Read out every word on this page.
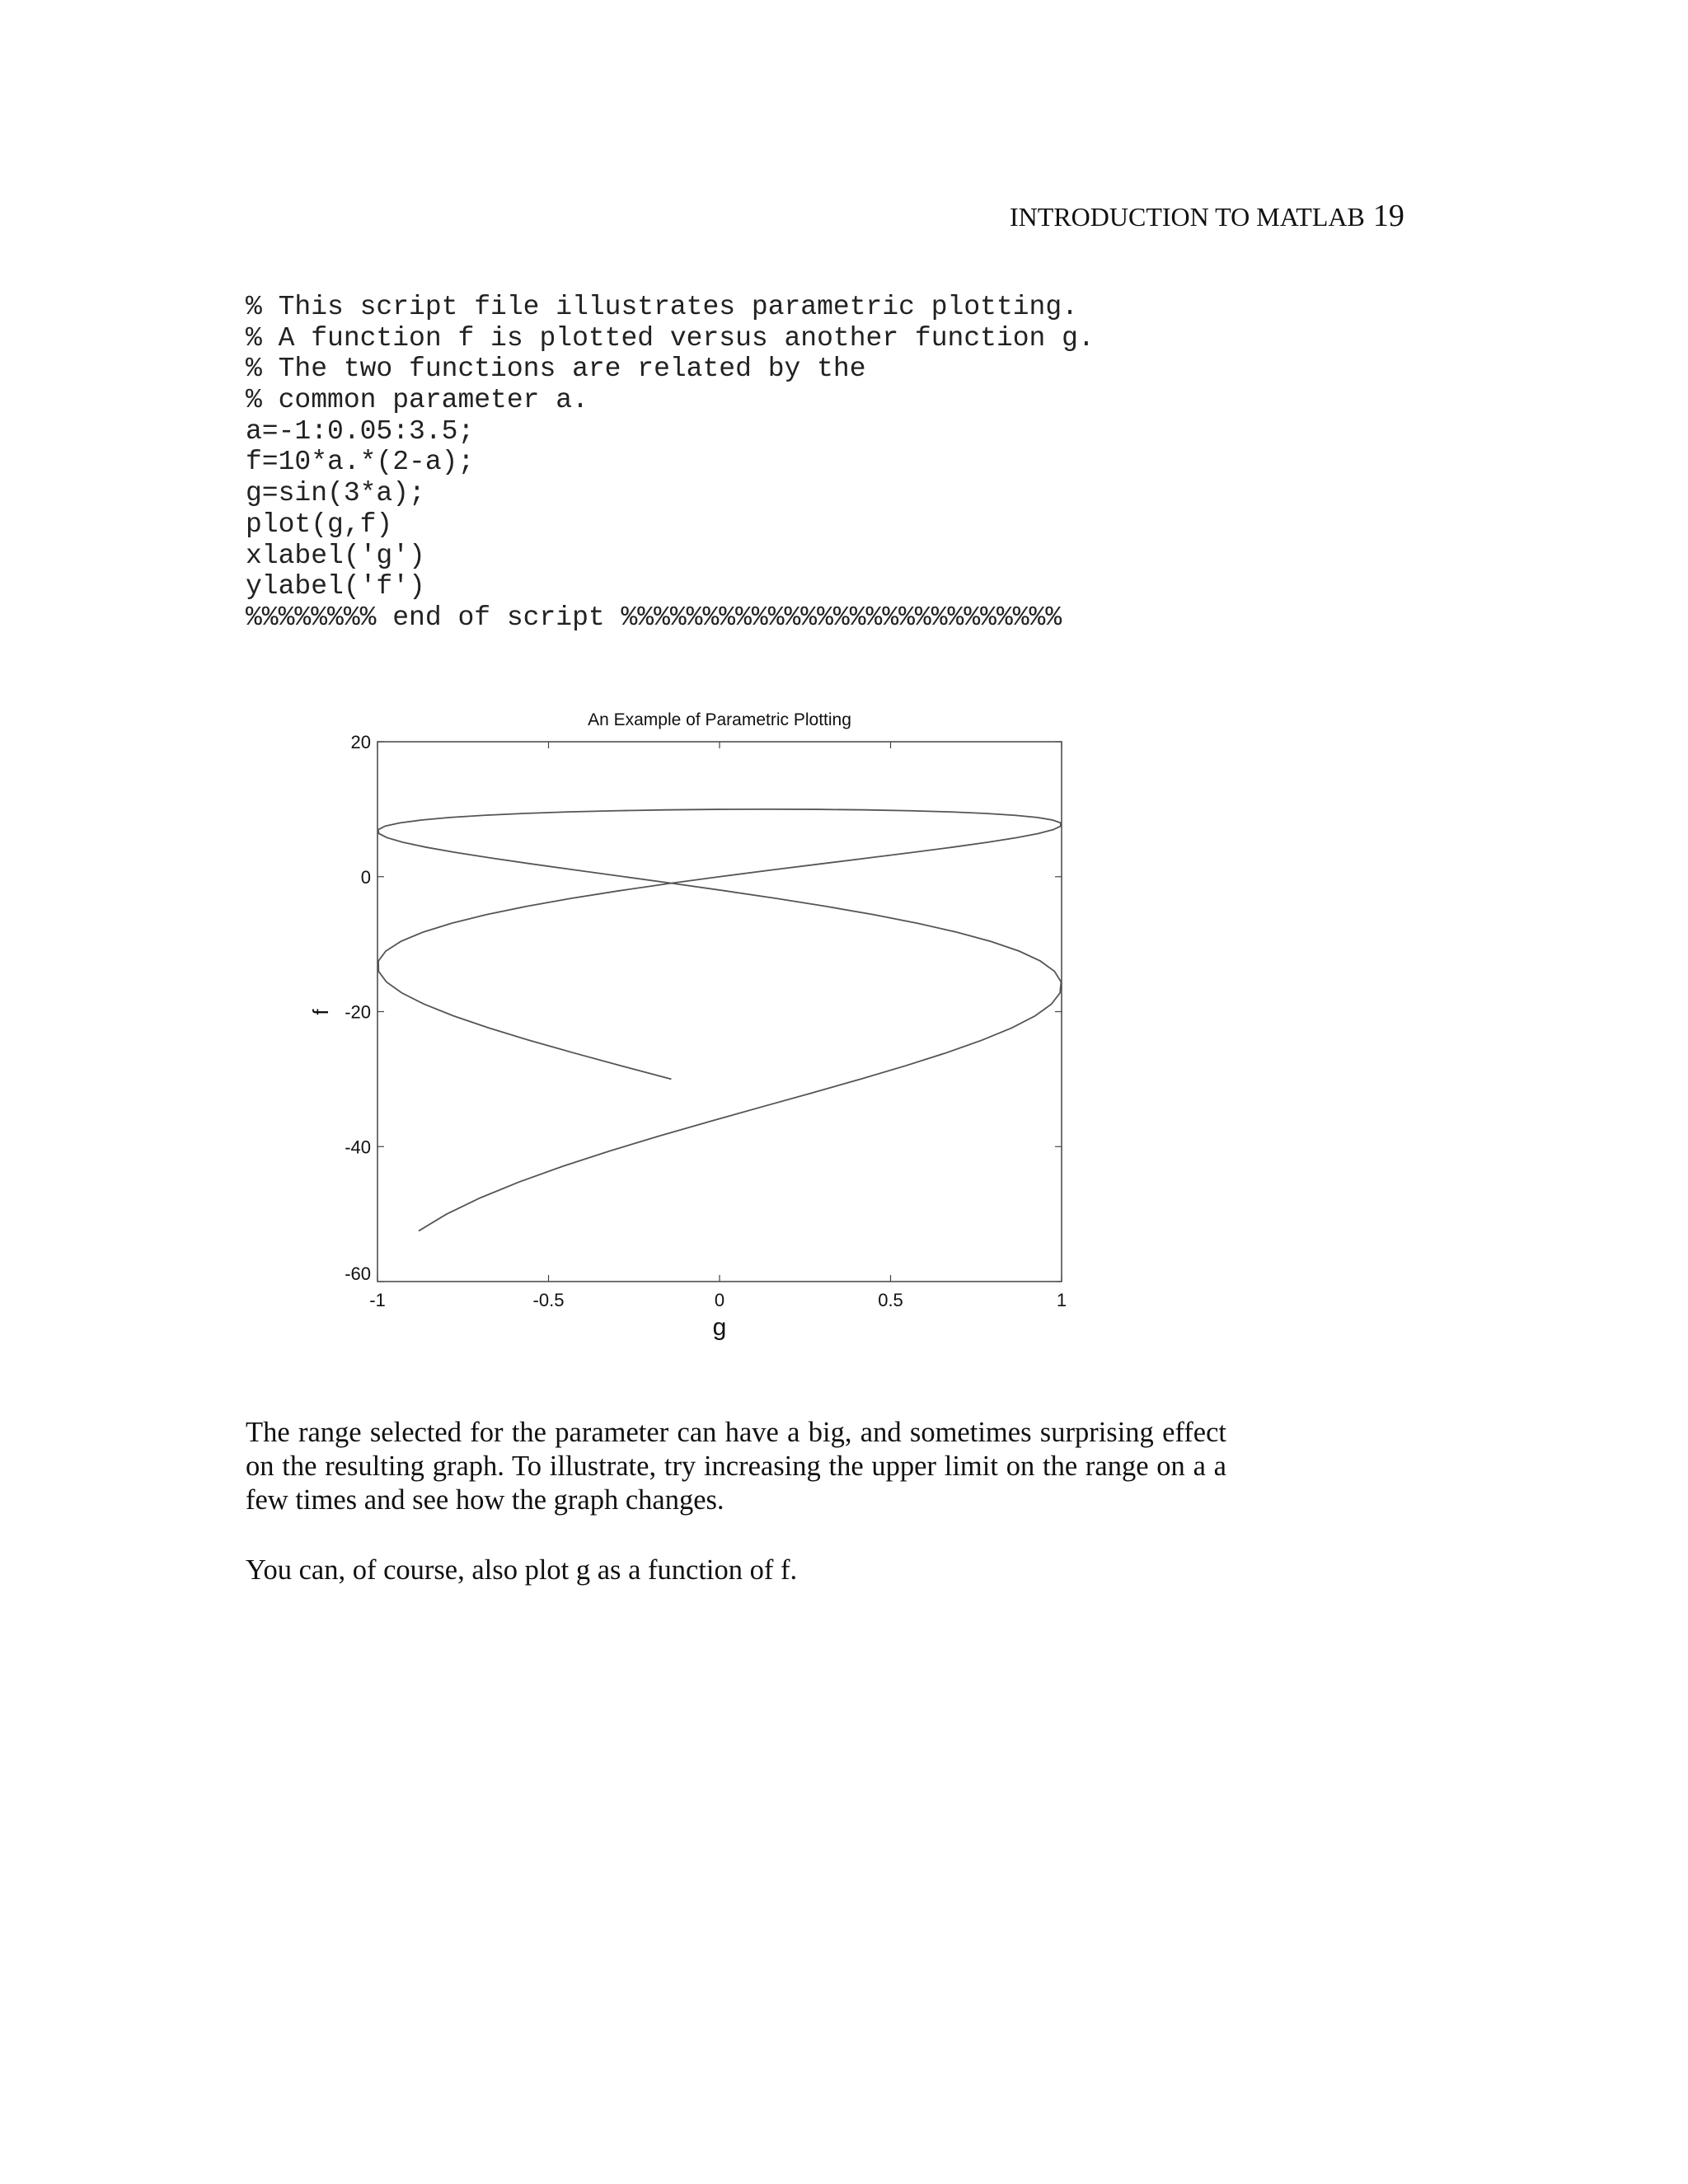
INTRODUCTION TO MATLAB 19
% This script file illustrates parametric plotting.
% A function f is plotted versus another function g.
% The two functions are related by the
% common parameter a.
a=-1:0.05:3.5;
f=10*a.*(2-a);
g=sin(3*a);
plot(g,f)
xlabel('g')
ylabel('f')
%%%%%%%% end of script %%%%%%%%%%%%%%%%%%%%%%%%%%%
An Example of Parametric Plotting
20
0
-20
-40
-60
-1	-0.5	0	0.5	1
g
f

The range selected for the parameter can have a big, and sometimes surprising effect on the resulting graph. To illustrate, try increasing the upper limit on the range on a a few times and see how the graph changes.

You can, of course, also plot g as a function of f.
